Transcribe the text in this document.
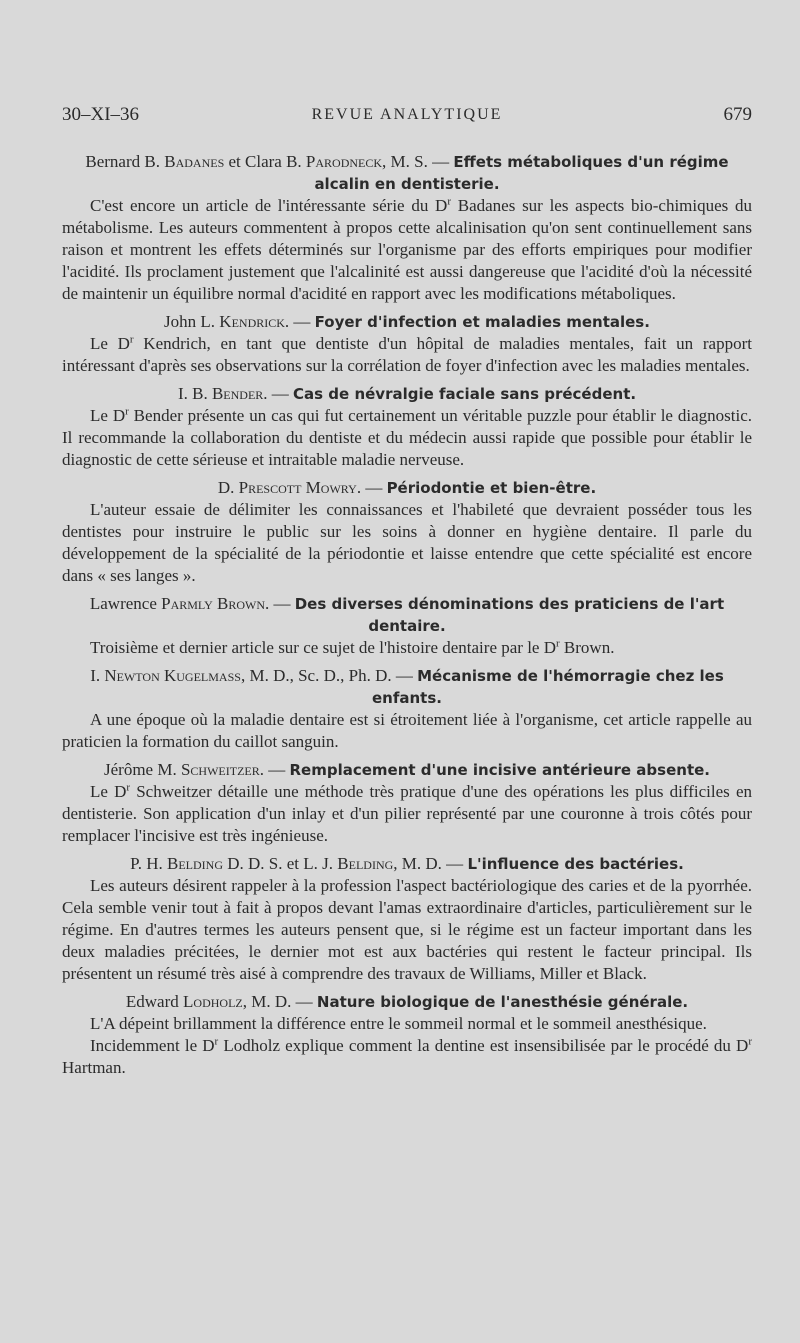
30–XI–36	REVUE ANALYTIQUE	679
Bernard B. Badanes et Clara B. Parodneck, M. S. — Effets métaboliques d'un régime alcalin en dentisterie.

C'est encore un article de l'intéressante série du $D^r$ Badanes sur les aspects bio-chimiques du métabolisme. Les auteurs commentent à propos cette alcalinisation qu'on sent continuellement sans raison et montrent les effets déterminés sur l'organisme par des efforts empiriques pour modifier l'acidité. Ils proclament justement que l'alcalinité est aussi dangereuse que l'acidité d'où la nécessité de maintenir un équilibre normal d'acidité en rapport avec les modifications métaboliques.

John L. Kendrick. — Foyer d'infection et maladies mentales.

Le $D^r$ Kendrich, en tant que dentiste d'un hôpital de maladies mentales, fait un rapport intéressant d'après ses observations sur la corrélation de foyer d'infection avec les maladies mentales.

I. B. Bender. — Cas de névralgie faciale sans précédent.

Le $D^r$ Bender présente un cas qui fut certainement un véritable puzzle pour établir le diagnostic. Il recommande la collaboration du dentiste et du médecin aussi rapide que possible pour établir le diagnostic de cette sérieuse et intraitable maladie nerveuse.

D. Prescott Mowry. — Périodontie et bien-être.

L'auteur essaie de délimiter les connaissances et l'habileté que devraient posséder tous les dentistes pour instruire le public sur les soins à donner en hygiène dentaire. Il parle du développement de la spécialité de la périodontie et laisse entendre que cette spécialité est encore dans « ses langes ».

Lawrence Parmly Brown. — Des diverses dénominations des praticiens de l'art dentaire.

Troisième et dernier article sur ce sujet de l'histoire dentaire par le $D^r$ Brown.

I. Newton Kugelmass, M. D., Sc. D., Ph. D. — Mécanisme de l'hémorragie chez les enfants.

A une époque où la maladie dentaire est si étroitement liée à l'organisme, cet article rappelle au praticien la formation du caillot sanguin.

Jérôme M. Schweitzer. — Remplacement d'une incisive antérieure absente.

Le $D^r$ Schweitzer détaille une méthode très pratique d'une des opérations les plus difficiles en dentisterie. Son application d'un inlay et d'un pilier représenté par une couronne à trois côtés pour remplacer l'incisive est très ingénieuse.

P. H. Belding D. D. S. et L. J. Belding, M. D. — L'influence des bactéries.

Les auteurs désirent rappeler à la profession l'aspect bactériologique des caries et de la pyorrhée. Cela semble venir tout à fait à propos devant l'amas extraordinaire d'articles, particulièrement sur le régime. En d'autres termes les auteurs pensent que, si le régime est un facteur important dans les deux maladies précitées, le dernier mot est aux bactéries qui restent le facteur principal. Ils présentent un résumé très aisé à comprendre des travaux de Williams, Miller et Black.

Edward Lodholz, M. D. — Nature biologique de l'anesthésie générale.

L'A dépeint brillamment la différence entre le sommeil normal et le sommeil anesthésique.

Incidemment le $D^r$ Lodholz explique comment la dentine est insensibilisée par le procédé du $D^r$ Hartman.
